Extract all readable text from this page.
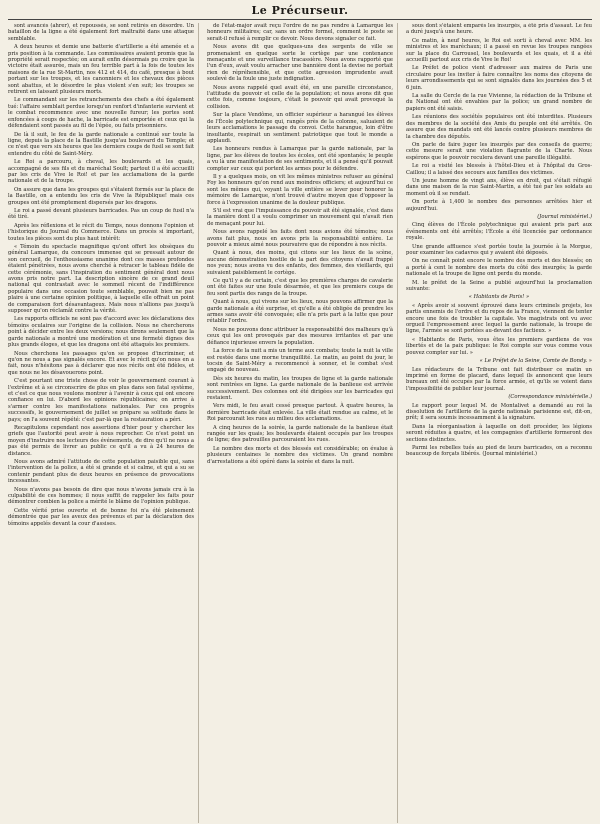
Le Précurseur.

sont avancés (ahrer), et repoussés, se sont retirés en désordre. Un bataillon de la ligne a été également fort maltraité dans une attaque semblable.

A deux heures et demie une batterie d'artillerie a été amenée et a pris position à la commande. Les commissaires avaient promis que la propriété serait respectée; on aurait enfin désormais pu croire que la victoire était assurée, mais un feu terrible part à la fois de toutes les maisons de la rue St-Martin, nos 412 et 414, du café, presque à bout portant sur les troupes, et les canonniers et les chevaux des pièces sont abattus, et le désordre le plus violent s'en suit; les troupes se retirent en laissant plusieurs morts.

Le commandant sur les retranchements des chefs a été également tué: l'affaire semblait perdue lorsqu'un renfort d'infanterie survient et le combat recommence avec une nouvelle fureur; les portes sont enfoncées à coups de hache, la barricade est emportée et ceux qui la défendaient sont passés au fil de l'épée, ou faits prisonniers.

De là il suit, le feu de la garde nationale a continué sur toute la ligne, depuis la place de la Bastille jusqu'au boulevard du Temple; et ce n'est que vers six heures que les derniers coups de fusil se sont fait entendre du côté de Saint-Méry.

Le Roi a parcouru, à cheval, les boulevards et les quais, accompagné de ses fils et du maréchal Soult; partout il a été accueilli par les cris de Vive le Roi! et par les acclamations de la garde nationale et de la troupe.

On assure que dans les groupes qui s'étaient formés sur la place de la Bastille, on a entendu les cris de Vive la République! mais ces groupes ont été promptement dispersés par les dragons.

Le roi a passé devant plusieurs barricades. Pas un coup de fusil n'a été tiré.

Après les réflexions et le récit du Temps, nous donnons l'opinion et l'historique du Journal du Commerce. Dans un procès si important, toutes les pièces sont du plus haut intérêt:

« Témoin du spectacle magnifique qu'ont offert les obsèques du général Lamarque, du concours immense qui se pressait autour de son cercueil, de l'enthousiasme unanime dont ces masses profondes étaient pénétrées, nous avons cherché à retracer le tableau fidèle de cette cérémonie, sans l'inspiration du sentiment général dont nous avons pris notre part. La description sincère de ce grand deuil national qui contrastait avec le sommeil récent de l'indifférence populaire dans une occasion toute semblable, pouvait bien ne pas plaire à une certaine opinion politique, à laquelle elle offrait un point de comparaison fort désavantageux. Mais nous n'allions pas jusqu'à supposer qu'on réclamât contre la vérité.

Les rapports officiels ne sont pas d'accord avec les déclarations des témoins oculaires sur l'origine de la collision. Nous ne chercherons point à décider entre les deux versions; nous dirons seulement que la garde nationale a montré une modération et une fermeté dignes des plus grands éloges, et que les dragons ont été attaqués les premiers.

Nous cherchons les passages qu'on se propose d'incriminer, et qu'on ne nous a pas signalés encore. Et avec le récit qu'on nous en a fait, nous n'hésitons pas à déclarer que nos récits ont été fidèles, et que nous ne les désavouerons point.

C'est pourtant une triste chose de voir le gouvernement courant à l'extrême et à se circonscrire de plus en plus dans son fatal système, et c'est ce que nous voulons montrer à l'avenir à ceux qui ont encore confiance en lui. D'abord les opinions républicaines; on arrive à s'armer contre les manifestations nationales. Par ces progrès successifs, le gouvernement de juillet se prépare sa solitude dans le pays; on l'a souvent répété: c'est par-là que la restauration a péri.

Recapitulons cependant nos assertions d'hier pour y chercher les griefs que l'autorité peut avoir à nous reprocher. Ce n'est point un moyen d'instruire nos lecteurs des événements, de dire qu'il ne nous a pas été permis de livrer au public ce qu'il a vu à 24 heures de distance.

Nous avons admiré l'attitude de cette population paisible qui, sans l'intervention de la police, a été si grande et si calme, et qui a su se contenir pendant plus de deux heures en présence de provocations incessantes.

Nous n'avons pas besoin de dire que nous n'avons jamais cru à la culpabilité de ces hommes; il nous suffit de rappeler les faits pour démontrer combien la police a mérité le blâme de l'opinion publique.

Cette vérité prise ouverte et de bonne foi n'a été pleinement démontrée que par les aveux des prévenus et par la déclaration des témoins appelés devant la cour d'assises.

de l'état-major avait reçu l'ordre de ne pas rendre à Lamarque les honneurs militaires; car, sans un ordre formel, comment le poste se serait-il refusé à remplir ce devoir. Nous devons signaler ce fait.

Nous avons dit que quelques-uns des sergents de ville se promenaient en quelque sorte le cortège par une contenance menaçante et une surveillance tracassière. Nous avons rapporté que l'un d'eux, avait voulu arracher une bannière dont la devise ne portait rien de répréhensible, et que cette agression imprudente avait soulevé de la foule une juste indignation.

Nous avons rappelé quel avait été, en une pareille circonstance, l'attitude du pouvoir et celle de la population; et nous avons dit que cette fois, comme toujours, c'était le pouvoir qui avait provoqué la collision.

Sur la place Vendôme, un officier supérieur a harangué les élèves de l'École polytechnique qui, rangés près de la colonne, saluaient de leurs acclamations le passage du convoi. Cette harangue, loin d'être insultante, respirait un sentiment patriotique que tout le monde a applaudi.

Les honneurs rendus à Lamarque par la garde nationale, par la ligne, par les élèves de toutes les écoles, ont été spontanés; le peuple a vu là une manifestation de ses sentiments, et il a pensé qu'il pouvait compter sur ceux qui portent les armes pour le défendre.

Il y a quelques mois, on vit les mêmes ministres refuser au général Foy les honneurs qu'on rend aux moindres officiers; et aujourd'hui ce sont les mêmes qui, voyant la ville entière se lever pour honorer la mémoire de Lamarque, n'ont trouvé d'autre moyen que d'opposer la force à l'expression unanime de la douleur publique.

S'il est vrai que l'impuissance du pouvoir ait été signalée, c'est dans la manière dont il a voulu comprimer un mouvement qui n'avait rien de menaçant pour lui.

Nous avons rappelé les faits dont nous avions été témoins; nous avons fait plus, nous en avons pris la responsabilité entière. Le pouvoir a mieux aimé nous poursuivre que de répondre à nos récits.

Quant à nous, des moins, qui citons sur les lieux de la scène, aucune démonstration hostile de la part des citoyens n'avait frappé nos yeux; nous avons vu des enfants, des femmes, des vieillards, qui suivaient paisiblement le cortège.

Ce qu'il y a de certain, c'est que les premières charges de cavalerie ont été faites sur une foule désarmée, et que les premiers coups de feu sont partis des rangs de la troupe.

Quant à nous, qui vivons sur les lieux, nous pouvons affirmer que la garde nationale a été surprise, et qu'elle a été obligée de prendre les armes sans avoir été convoquée; elle n'a pris part à la lutte que pour rétablir l'ordre.

Nous ne pouvons donc attribuer la responsabilité des malheurs qu'à ceux qui les ont provoqués par des mesures irritantes et par une défiance injurieuse envers la population.

La force de la nuit a mis un terme aux combats; toute la nuit la ville est restée dans une morne tranquillité. Le matin, au point du jour, le tocsin de Saint-Méry a recommencé à sonner, et le combat s'est engagé de nouveau.

Dès six heures du matin, les troupes de ligne et la garde nationale sont rentrées en ligne. La garde nationale de la banlieue est arrivée successivement. Des colonnes ont été dirigées sur les barricades qui restaient.

Vers midi, le feu avait cessé presque partout. À quatre heures, la dernière barricade était enlevée. La ville était rendue au calme, et le Roi parcourait les rues au milieu des acclamations.

A cinq heures de la soirée, la garde nationale de la banlieue était rangée sur les quais; les boulevards étaient occupés par les troupes de ligne; des patrouilles parcouraient les rues.

Le nombre des morts et des blessés est considérable; on évalue à plusieurs centaines le nombre des victimes. Un grand nombre d'arrestations a été opéré dans la soirée et dans la nuit.

sous dont s'étaient emparés les insurgés, a été pris d'assaut. Le feu a duré jusqu'à une heure.

Ce matin, à neuf heures, le Roi est sorti à cheval avec MM. les ministres et les maréchaux; il a passé en revue les troupes rangées sur la place du Carrousel, les boulevards et les quais, et il a été accueilli partout aux cris de Vive le Roi!

Le Préfet de police vient d'adresser aux maires de Paris une circulaire pour les inviter à faire connaître les noms des citoyens de leurs arrondissements qui se sont signalés dans les journées des 5 et 6 juin.

La salle du Cercle de la rue Vivienne, la rédaction de la Tribune et du National ont été envahies par la police; un grand nombre de papiers ont été saisis.

Les réunions des sociétés populaires ont été interdites. Plusieurs des membres de la société des Amis du peuple ont été arrêtés. On assure que des mandats ont été lancés contre plusieurs membres de la chambre des députés.

On parle de faire juger les insurgés par des conseils de guerre; cette mesure serait une violation flagrante de la Charte. Nous espérons que le pouvoir reculera devant une pareille illégalité.

Le roi a visité les blessés à l'hôtel-Dieu et à l'hôpital du Gros-Caillou; il a laissé des secours aux familles des victimes.

Un jeune homme de vingt ans, élève en droit, qui s'était réfugié dans une maison de la rue Saint-Martin, a été tué par les soldats au moment où il se rendait.

On porte à 1,400 le nombre des personnes arrêtées hier et aujourd'hui.

(Journal ministériel.)

Cinq élèves de l'École polytechnique qui avaient pris part aux événements ont été arrêtés; l'École a été licenciée par ordonnance royale.

Une grande affluence s'est portée toute la journée à la Morgue, pour examiner les cadavres qui y avaient été déposés.

On ne connaît point encore le nombre des morts et des blessés; on a porté à cent le nombre des morts du côté des insurgés; la garde nationale et la troupe de ligne ont perdu du monde.

M. le préfet de la Seine a publié aujourd'hui la proclamation suivante:

« Habitants de Paris! »

« Après avoir si souvent éprouvé dans leurs criminels projets, les partis ennemis de l'ordre et du repos de la France, viennent de tenter encore une fois de troubler la capitale. Vos magistrats ont vu avec orgueil l'empressement avec lequel la garde nationale, la troupe de ligne, l'armée se sont portées au-devant des factieux. »

« Habitants de Paris, vous êtes les premiers gardiens de vos libertés et de la paix publique: le Roi compte sur vous comme vous pouvez compter sur lui. »

« Le Préfet de la Seine, Comte de Bondy. »

Les rédacteurs de la Tribune ont fait distribuer ce matin un imprimé en forme de placard, dans lequel ils annoncent que leurs bureaux ont été occupés par la force armée, et qu'ils se voient dans l'impossibilité de publier leur journal.

(Correspondance ministérielle.)

Le rapport pour lequel M. de Montalivet a demandé au roi la dissolution de l'artillerie de la garde nationale parisienne est, dit-on, prêt; il sera soumis incessamment à la signature.

Dans la réorganisation à laquelle on doit procéder, les légions seront réduites à quatre, et les compagnies d'artillerie formeront des sections distinctes.

Parmi les rebelles tués au pied de leurs barricades, on a reconnu beaucoup de forçats libérés. (Journal ministériel.)
